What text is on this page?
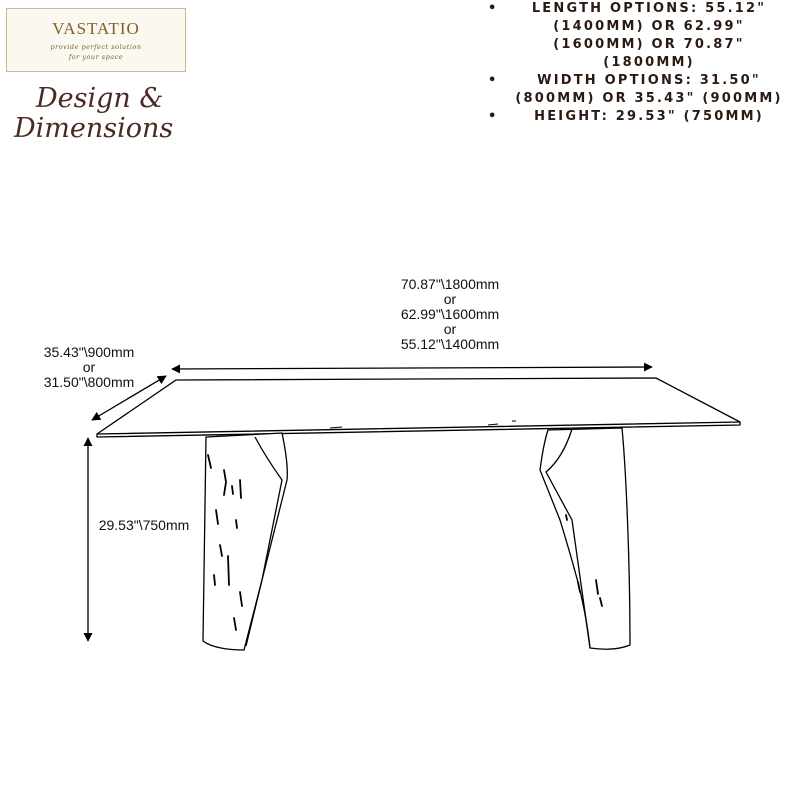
VASTATIO
provide perfect solution
for your space
Design &
Dimensions
•	LENGTH OPTIONS: 55.12" (1400MM) OR 62.99" (1600MM) OR 70.87" (1800MM)
•	WIDTH OPTIONS: 31.50" (800MM) OR 35.43" (900MM)
•	HEIGHT: 29.53" (750MM)
70.87"\1800mm
or
62.99"\1600mm
or
55.12"\1400mm
35.43"\900mm
or
31.50"\800mm
29.53"\750mm
